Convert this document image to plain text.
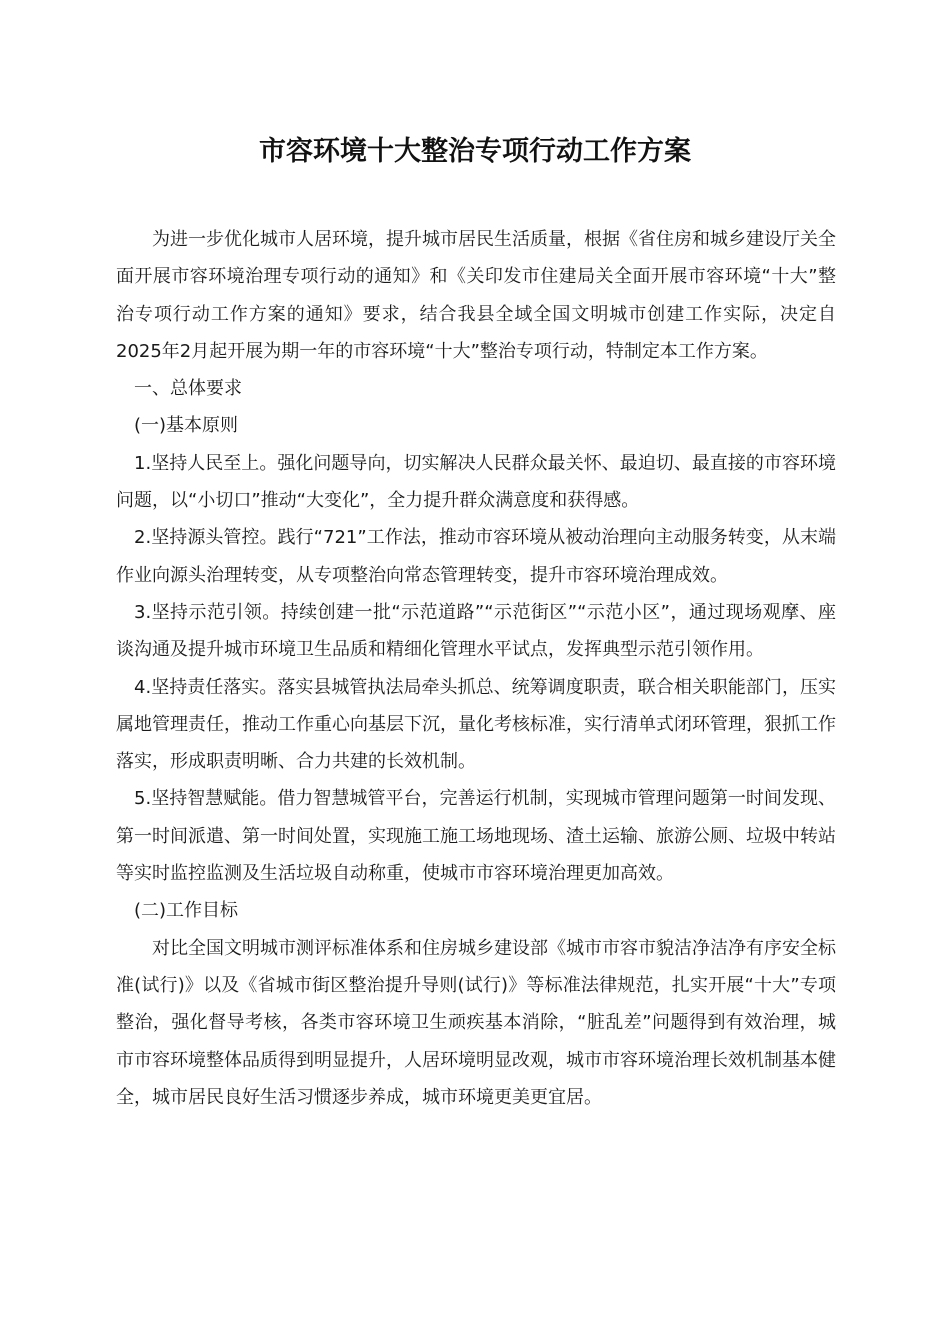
市容环境十大整治专项行动工作方案

为进一步优化城市人居环境，提升城市居民生活质量，根据《省住房和城乡建设厅关全面开展市容环境治理专项行动的通知》和《关印发市住建局关全面开展市容环境“十大”整治专项行动工作方案的通知》要求，结合我县全域全国文明城市创建工作实际，决定自2025年2月起开展为期一年的市容环境“十大”整治专项行动，特制定本工作方案。

一、总体要求

(一)基本原则

1.坚持人民至上。强化问题导向，切实解决人民群众最关怀、最迫切、最直接的市容环境问题，以“小切口”推动“大变化”，全力提升群众满意度和获得感。

2.坚持源头管控。践行“721”工作法，推动市容环境从被动治理向主动服务转变，从末端作业向源头治理转变，从专项整治向常态管理转变，提升市容环境治理成效。

3.坚持示范引领。持续创建一批“示范道路”“示范街区”“示范小区”，通过现场观摩、座谈沟通及提升城市环境卫生品质和精细化管理水平试点，发挥典型示范引领作用。

4.坚持责任落实。落实县城管执法局牵头抓总、统筹调度职责，联合相关职能部门，压实属地管理责任，推动工作重心向基层下沉，量化考核标准，实行清单式闭环管理，狠抓工作落实，形成职责明晰、合力共建的长效机制。

5.坚持智慧赋能。借力智慧城管平台，完善运行机制，实现城市管理问题第一时间发现、第一时间派遣、第一时间处置，实现施工施工场地现场、渣土运输、旅游公厕、垃圾中转站等实时监控监测及生活垃圾自动称重，使城市市容环境治理更加高效。

(二)工作目标

对比全国文明城市测评标准体系和住房城乡建设部《城市市容市貌洁净洁净有序安全标准(试行)》以及《省城市街区整治提升导则(试行)》等标准法律规范，扎实开展“十大”专项整治，强化督导考核，各类市容环境卫生顽疾基本消除，“脏乱差”问题得到有效治理，城市市容环境整体品质得到明显提升，人居环境明显改观，城市市容环境治理长效机制基本健全，城市居民良好生活习惯逐步养成，城市环境更美更宜居。
